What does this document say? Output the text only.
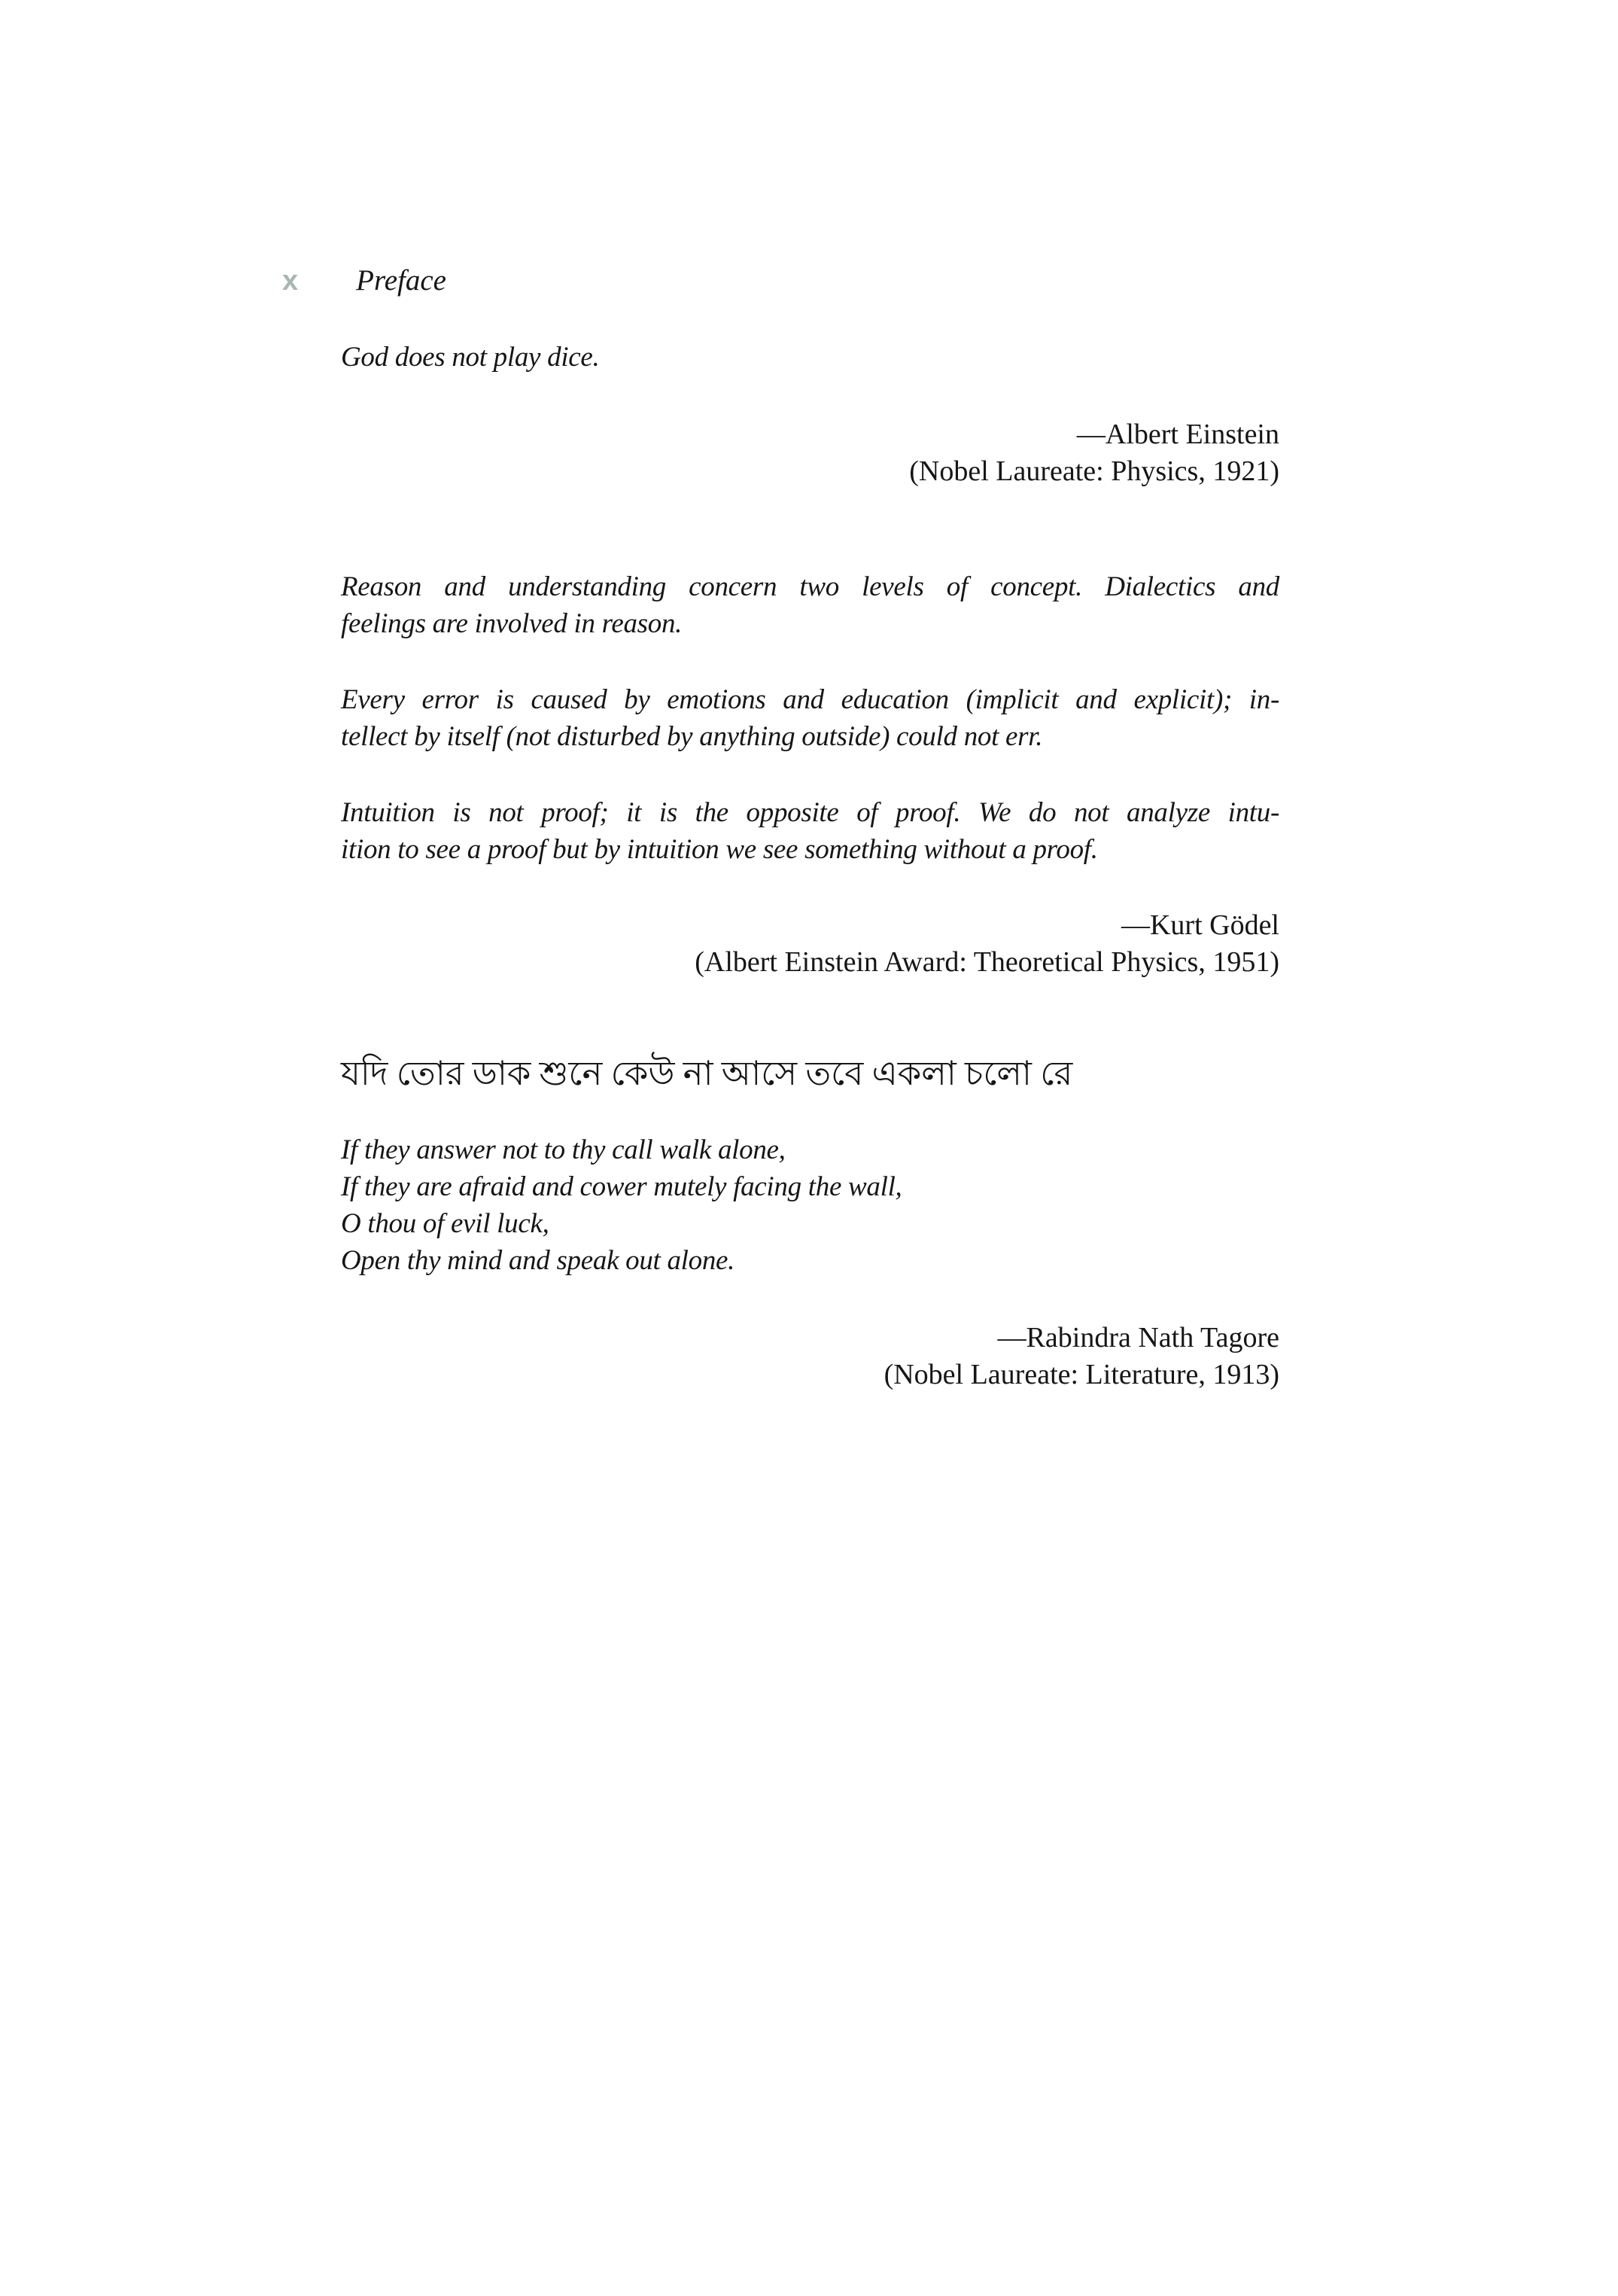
x Preface
God does not play dice.
—Albert Einstein
(Nobel Laureate: Physics, 1921)
Reason and understanding concern two levels of concept. Dialectics and
feelings are involved in reason.
Every error is caused by emotions and education (implicit and explicit); in-
tellect by itself (not disturbed by anything outside) could not err.
Intuition is not proof; it is the opposite of proof. We do not analyze intu-
ition to see a proof but by intuition we see something without a proof.
—Kurt Gödel
(Albert Einstein Award: Theoretical Physics, 1951)
যদি তোর ডাক শুনে কেউ না আসে তবে একলা চলো রে
If they answer not to thy call walk alone,
If they are afraid and cower mutely facing the wall,
O thou of evil luck,
Open thy mind and speak out alone.
—Rabindra Nath Tagore
(Nobel Laureate: Literature, 1913)
